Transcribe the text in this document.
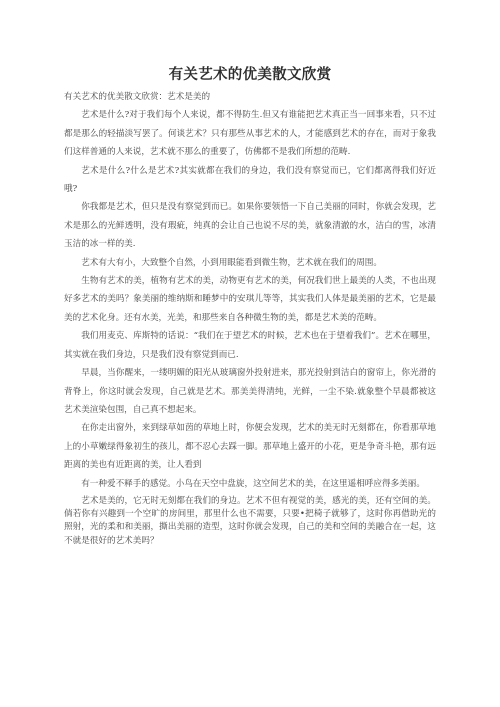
有关艺术的优美散文欣赏

有关艺术的优美散文欣赏：艺术是美的

艺术是什么?对于我们每个人来说，都不得防生.但又有谁能把艺术真正当一回事来看，只不过都是那么的轻描淡写罢了。何谈艺术？只有那些从事艺术的人，才能感到艺术的存在，而对于象我们这样普通的人来说，艺术就不那么的重要了，仿佛都不是我们所想的范畴.

艺术是什么?什么是艺术?其实就都在我们的身边，我们没有察觉而已，它们都离得我们好近哦?

你我都是艺术，但只是没有察觉到而已。如果你要领悟一下自己美丽的同时，你就会发现，艺术是那么的光鲜透明，没有瑕疵，纯真的会让自己也说不尽的美，就象清澈的水，洁白的雪，冰清玉洁的冰一样的美.

艺术有大有小，大致整个自然，小到用眼能看到微生物，艺术就在我们的周围。

生物有艺术的美，植物有艺术的美，动物更有艺术的美，何况我们世上最美的人类，不也出现好多艺术的美吗？象美丽的维纳斯和睡梦中的安琪儿等等，其实我们人体是最美丽的艺术，它是最美的艺术化身。还有水美，光美，和那些来自各种微生物的美，都是艺术美的范畴。

我们用麦克、库斯特的话说：“我们在于望艺术的时候，艺术也在于望着我们”。艺术在哪里，其实就在我们身边，只是我们没有察觉到而已.

早晨，当你醒来，一缕明媚的阳光从玻璃窗外投射进来，那光投射到洁白的窗帘上，你光滑的背脊上，你这时就会发现，自己就是艺术。那美美得清纯，光鲜，一尘不染.就象整个早晨都被这艺术美渲染包围，自己真不想起来。

在你走出窗外，来到绿草如茵的草地上时，你便会发现，艺术的美无时无刻都在，你看那草地上的小草嫩绿得象初生的孩儿，都不忍心去踩一脚。那草地上盛开的小花，更是争奇斗艳，那有远距离的美也有近距离的美，让人看到

有一种爱不释手的感觉。小鸟在天空中盘旋，这空间艺术的美，在这里遥相呼应得多美丽。

艺术是美的，它无时无刻都在我们的身边。艺术不但有视觉的美，感光的美，还有空间的美。倘若你有兴趣到一个空旷的房间里，那里什么也不需要，只要•把椅子就够了，这时你再借助光的照射，光的柔和和美丽，撕出美丽的造型，这时你就会发现，自己的美和空间的美融合在一起，这不就是很好的艺术美吗？
